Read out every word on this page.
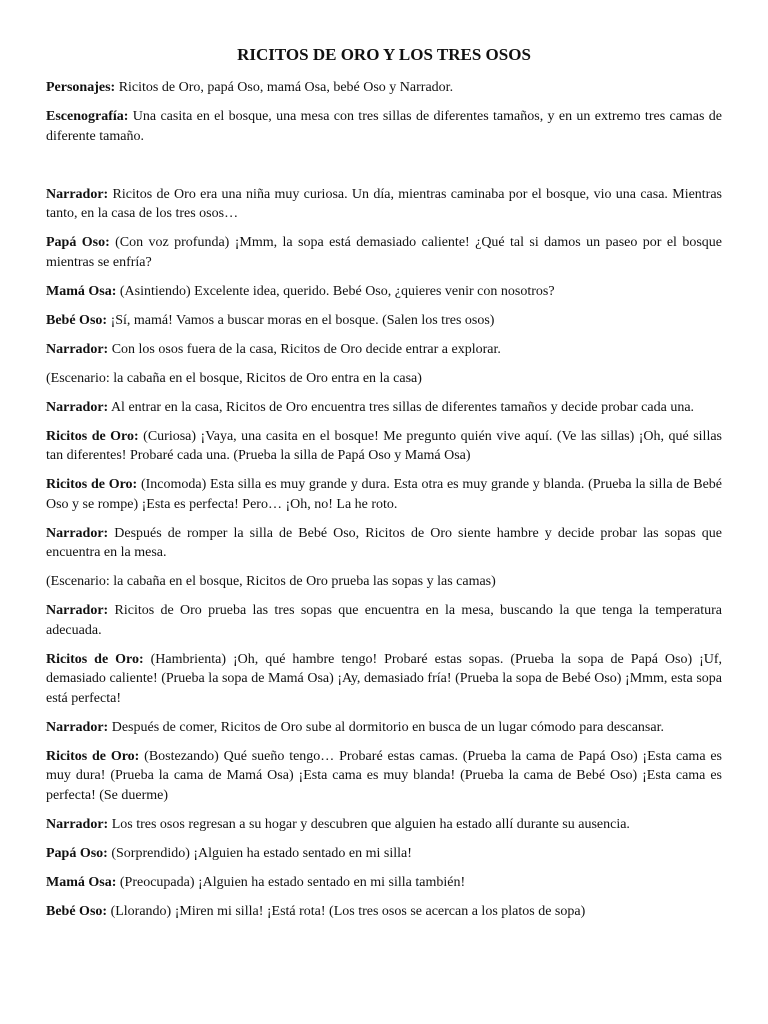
RICITOS DE ORO Y LOS TRES OSOS

Personajes: Ricitos de Oro, papá Oso, mamá Osa, bebé Oso y Narrador.

Escenografía: Una casita en el bosque, una mesa con tres sillas de diferentes tamaños, y en un extremo tres camas de diferente tamaño.

Narrador: Ricitos de Oro era una niña muy curiosa. Un día, mientras caminaba por el bosque, vio una casa. Mientras tanto, en la casa de los tres osos…

Papá Oso: (Con voz profunda) ¡Mmm, la sopa está demasiado caliente! ¿Qué tal si damos un paseo por el bosque mientras se enfría?

Mamá Osa: (Asintiendo) Excelente idea, querido. Bebé Oso, ¿quieres venir con nosotros?

Bebé Oso: ¡Sí, mamá! Vamos a buscar moras en el bosque. (Salen los tres osos)

Narrador: Con los osos fuera de la casa, Ricitos de Oro decide entrar a explorar.

(Escenario: la cabaña en el bosque, Ricitos de Oro entra en la casa)

Narrador: Al entrar en la casa, Ricitos de Oro encuentra tres sillas de diferentes tamaños y decide probar cada una.

Ricitos de Oro: (Curiosa) ¡Vaya, una casita en el bosque! Me pregunto quién vive aquí. (Ve las sillas) ¡Oh, qué sillas tan diferentes! Probaré cada una. (Prueba la silla de Papá Oso y Mamá Osa)

Ricitos de Oro: (Incomoda) Esta silla es muy grande y dura. Esta otra es muy grande y blanda. (Prueba la silla de Bebé Oso y se rompe) ¡Esta es perfecta! Pero… ¡Oh, no! La he roto.

Narrador: Después de romper la silla de Bebé Oso, Ricitos de Oro siente hambre y decide probar las sopas que encuentra en la mesa.

(Escenario: la cabaña en el bosque, Ricitos de Oro prueba las sopas y las camas)

Narrador: Ricitos de Oro prueba las tres sopas que encuentra en la mesa, buscando la que tenga la temperatura adecuada.

Ricitos de Oro: (Hambrienta) ¡Oh, qué hambre tengo! Probaré estas sopas. (Prueba la sopa de Papá Oso) ¡Uf, demasiado caliente! (Prueba la sopa de Mamá Osa) ¡Ay, demasiado fría! (Prueba la sopa de Bebé Oso) ¡Mmm, esta sopa está perfecta!

Narrador: Después de comer, Ricitos de Oro sube al dormitorio en busca de un lugar cómodo para descansar.

Ricitos de Oro: (Bostezando) Qué sueño tengo… Probaré estas camas. (Prueba la cama de Papá Oso) ¡Esta cama es muy dura! (Prueba la cama de Mamá Osa) ¡Esta cama es muy blanda! (Prueba la cama de Bebé Oso) ¡Esta cama es perfecta! (Se duerme)

Narrador: Los tres osos regresan a su hogar y descubren que alguien ha estado allí durante su ausencia.

Papá Oso: (Sorprendido) ¡Alguien ha estado sentado en mi silla!

Mamá Osa: (Preocupada) ¡Alguien ha estado sentado en mi silla también!

Bebé Oso: (Llorando) ¡Miren mi silla! ¡Está rota! (Los tres osos se acercan a los platos de sopa)
